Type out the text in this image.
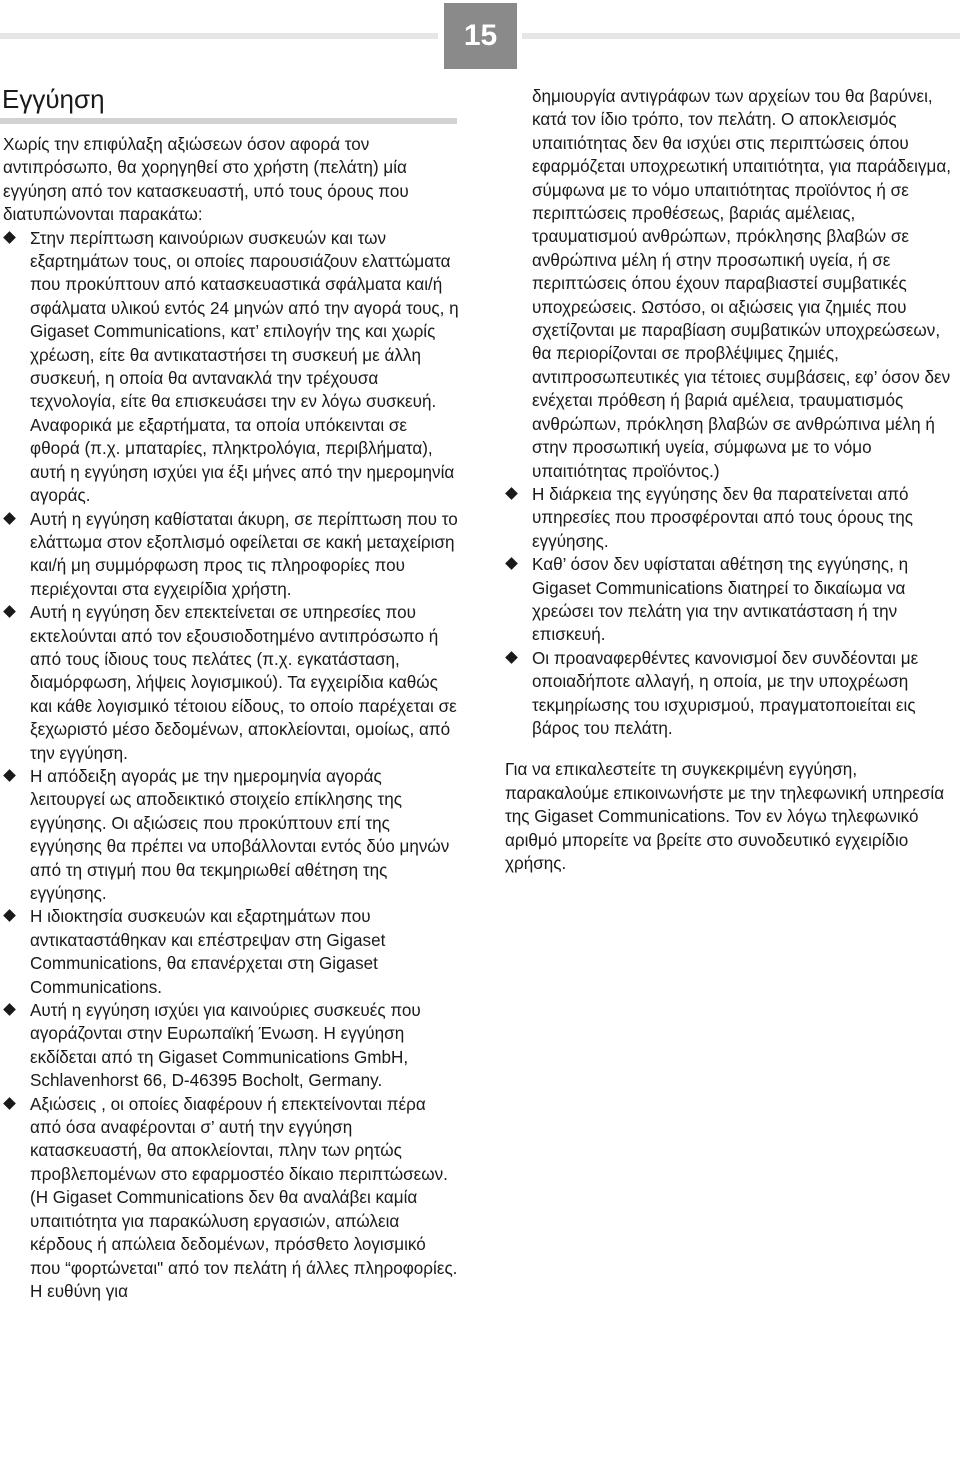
15
Εγγύηση

Χωρίς την επιφύλαξη αξιώσεων όσον αφορά τον αντιπρόσωπο, θα χορηγηθεί στο χρήστη (πελάτη) μία εγγύηση από τον κατασκευαστή, υπό τους όρους που διατυπώνονται παρακάτω:

Στην περίπτωση καινούριων συσκευών και των εξαρτημάτων τους, οι οποίες παρουσιάζουν ελαττώματα που προκύπτουν από κατασκευαστικά σφάλματα και/ή σφάλματα υλικού εντός 24 μηνών από την αγορά τους, η Gigaset Communications, κατ’ επιλογήν της και χωρίς χρέωση, είτε θα αντικαταστήσει τη συσκευή με άλλη συσκευή, η οποία θα αντανακλά την τρέχουσα τεχνολογία, είτε θα επισκευάσει την εν λόγω συσκευή. Αναφορικά με εξαρτήματα, τα οποία υπόκεινται σε φθορά (π.χ. μπαταρίες, πληκτρολόγια, περιβλήματα), αυτή η εγγύηση ισχύει για έξι μήνες από την ημερομηνία αγοράς.
Αυτή η εγγύηση καθίσταται άκυρη, σε περίπτωση που το ελάττωμα στον εξοπλισμό οφείλεται σε κακή μεταχείριση και/ή μη συμμόρφωση προς τις πληροφορίες που περιέχονται στα εγχειρίδια χρήστη.
Αυτή η εγγύηση δεν επεκτείνεται σε υπηρεσίες που εκτελούνται από τον εξουσιοδοτημένο αντιπρόσωπο ή από τους ίδιους τους πελάτες (π.χ. εγκατάσταση, διαμόρφωση, λήψεις λογισμικού). Τα εγχειρίδια καθώς και κάθε λογισμικό τέτοιου είδους, το οποίο παρέχεται σε ξεχωριστό μέσο δεδομένων, αποκλείονται, ομοίως, από την εγγύηση.
Η απόδειξη αγοράς με την ημερομηνία αγοράς λειτουργεί ως αποδεικτικό στοιχείο επίκλησης της εγγύησης. Οι αξιώσεις που προκύπτουν επί της εγγύησης θα πρέπει να υποβάλλονται εντός δύο μηνών από τη στιγμή που θα τεκμηριωθεί αθέτηση της εγγύησης.
Η ιδιοκτησία συσκευών και εξαρτημάτων που αντικαταστάθηκαν και επέστρεψαν στη Gigaset Communications, θα επανέρχεται στη Gigaset Communications.
Αυτή η εγγύηση ισχύει για καινούριες συσκευές που αγοράζονται στην Ευρωπαϊκή Ένωση. Η εγγύηση εκδίδεται από τη Gigaset Communications GmbH, Schlavenhorst 66, D-46395 Bocholt, Germany.
Αξιώσεις , οι οποίες διαφέρουν ή επεκτείνονται πέρα από όσα αναφέρονται σ’ αυτή την εγγύηση κατασκευαστή, θα αποκλείονται, πλην των ρητώς προβλεπομένων στο εφαρμοστέο δίκαιο περιπτώσεων. (Η Gigaset Communications δεν θα αναλάβει καμία υπαιτιότητα για παρακώλυση εργασιών, απώλεια κέρδους ή απώλεια δεδομένων, πρόσθετο λογισμικό που “φορτώνεται" από τον πελάτη ή άλλες πληροφορίες. Η ευθύνη για

δημιουργία αντιγράφων των αρχείων του θα βαρύνει, κατά τον ίδιο τρόπο, τον πελάτη. Ο αποκλεισμός υπαιτιότητας δεν θα ισχύει στις περιπτώσεις όπου εφαρμόζεται υποχρεωτική υπαιτιότητα, για παράδειγμα, σύμφωνα με το νόμο υπαιτιότητας προϊόντος ή σε περιπτώσεις προθέσεως, βαριάς αμέλειας, τραυματισμού ανθρώπων, πρόκλησης βλαβών σε ανθρώπινα μέλη ή στην προσωπική υγεία, ή σε περιπτώσεις όπου έχουν παραβιαστεί συμβατικές υποχρεώσεις. Ωστόσο, οι αξιώσεις για ζημιές που σχετίζονται με παραβίαση συμβατικών υποχρεώσεων, θα περιορίζονται σε προβλέψιμες ζημιές, αντιπροσωπευτικές για τέτοιες συμβάσεις, εφ’ όσον δεν ενέχεται πρόθεση ή βαριά αμέλεια, τραυματισμός ανθρώπων, πρόκληση βλαβών σε ανθρώπινα μέλη ή στην προσωπική υγεία, σύμφωνα με το νόμο υπαιτιότητας προϊόντος.)

Η διάρκεια της εγγύησης δεν θα παρατείνεται από υπηρεσίες που προσφέρονται από τους όρους της εγγύησης.
Καθ’ όσον δεν υφίσταται αθέτηση της εγγύησης, η Gigaset Communications διατηρεί το δικαίωμα να χρεώσει τον πελάτη για την αντικατάσταση ή την επισκευή.
Οι προαναφερθέντες κανονισμοί δεν συνδέονται με οποιαδήποτε αλλαγή, η οποία, με την υποχρέωση τεκμηρίωσης του ισχυρισμού, πραγματοποιείται εις βάρος του πελάτη.

Για να επικαλεστείτε τη συγκεκριμένη εγγύηση, παρακαλούμε επικοινωνήστε με την τηλεφωνική υπηρεσία της Gigaset Communications. Τον εν λόγω τηλεφωνικό αριθμό μπορείτε να βρείτε στο συνοδευτικό εγχειρίδιο χρήσης.
